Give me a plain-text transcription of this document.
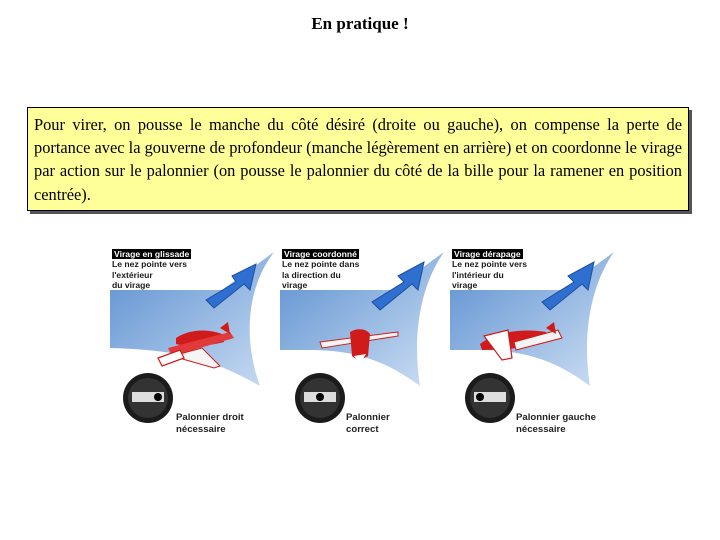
En pratique !
Pour virer, on pousse le manche du côté désiré (droite ou gauche), on compense la perte de portance avec la gouverne de profondeur (manche légèrement en arrière) et on coordonne le virage par action sur le palonnier (on pousse le palonnier du côté de la bille pour la ramener en position centrée).
Virage en glissade
Le nez pointe vers
l'extérieur
du virage
Palonnier droit
nécessaire
Virage coordonné
Le nez pointe dans
la direction du
virage
Palonnier
correct
Virage dérapage
Le nez pointe vers
l'intérieur du
virage
Palonnier gauche
nécessaire
